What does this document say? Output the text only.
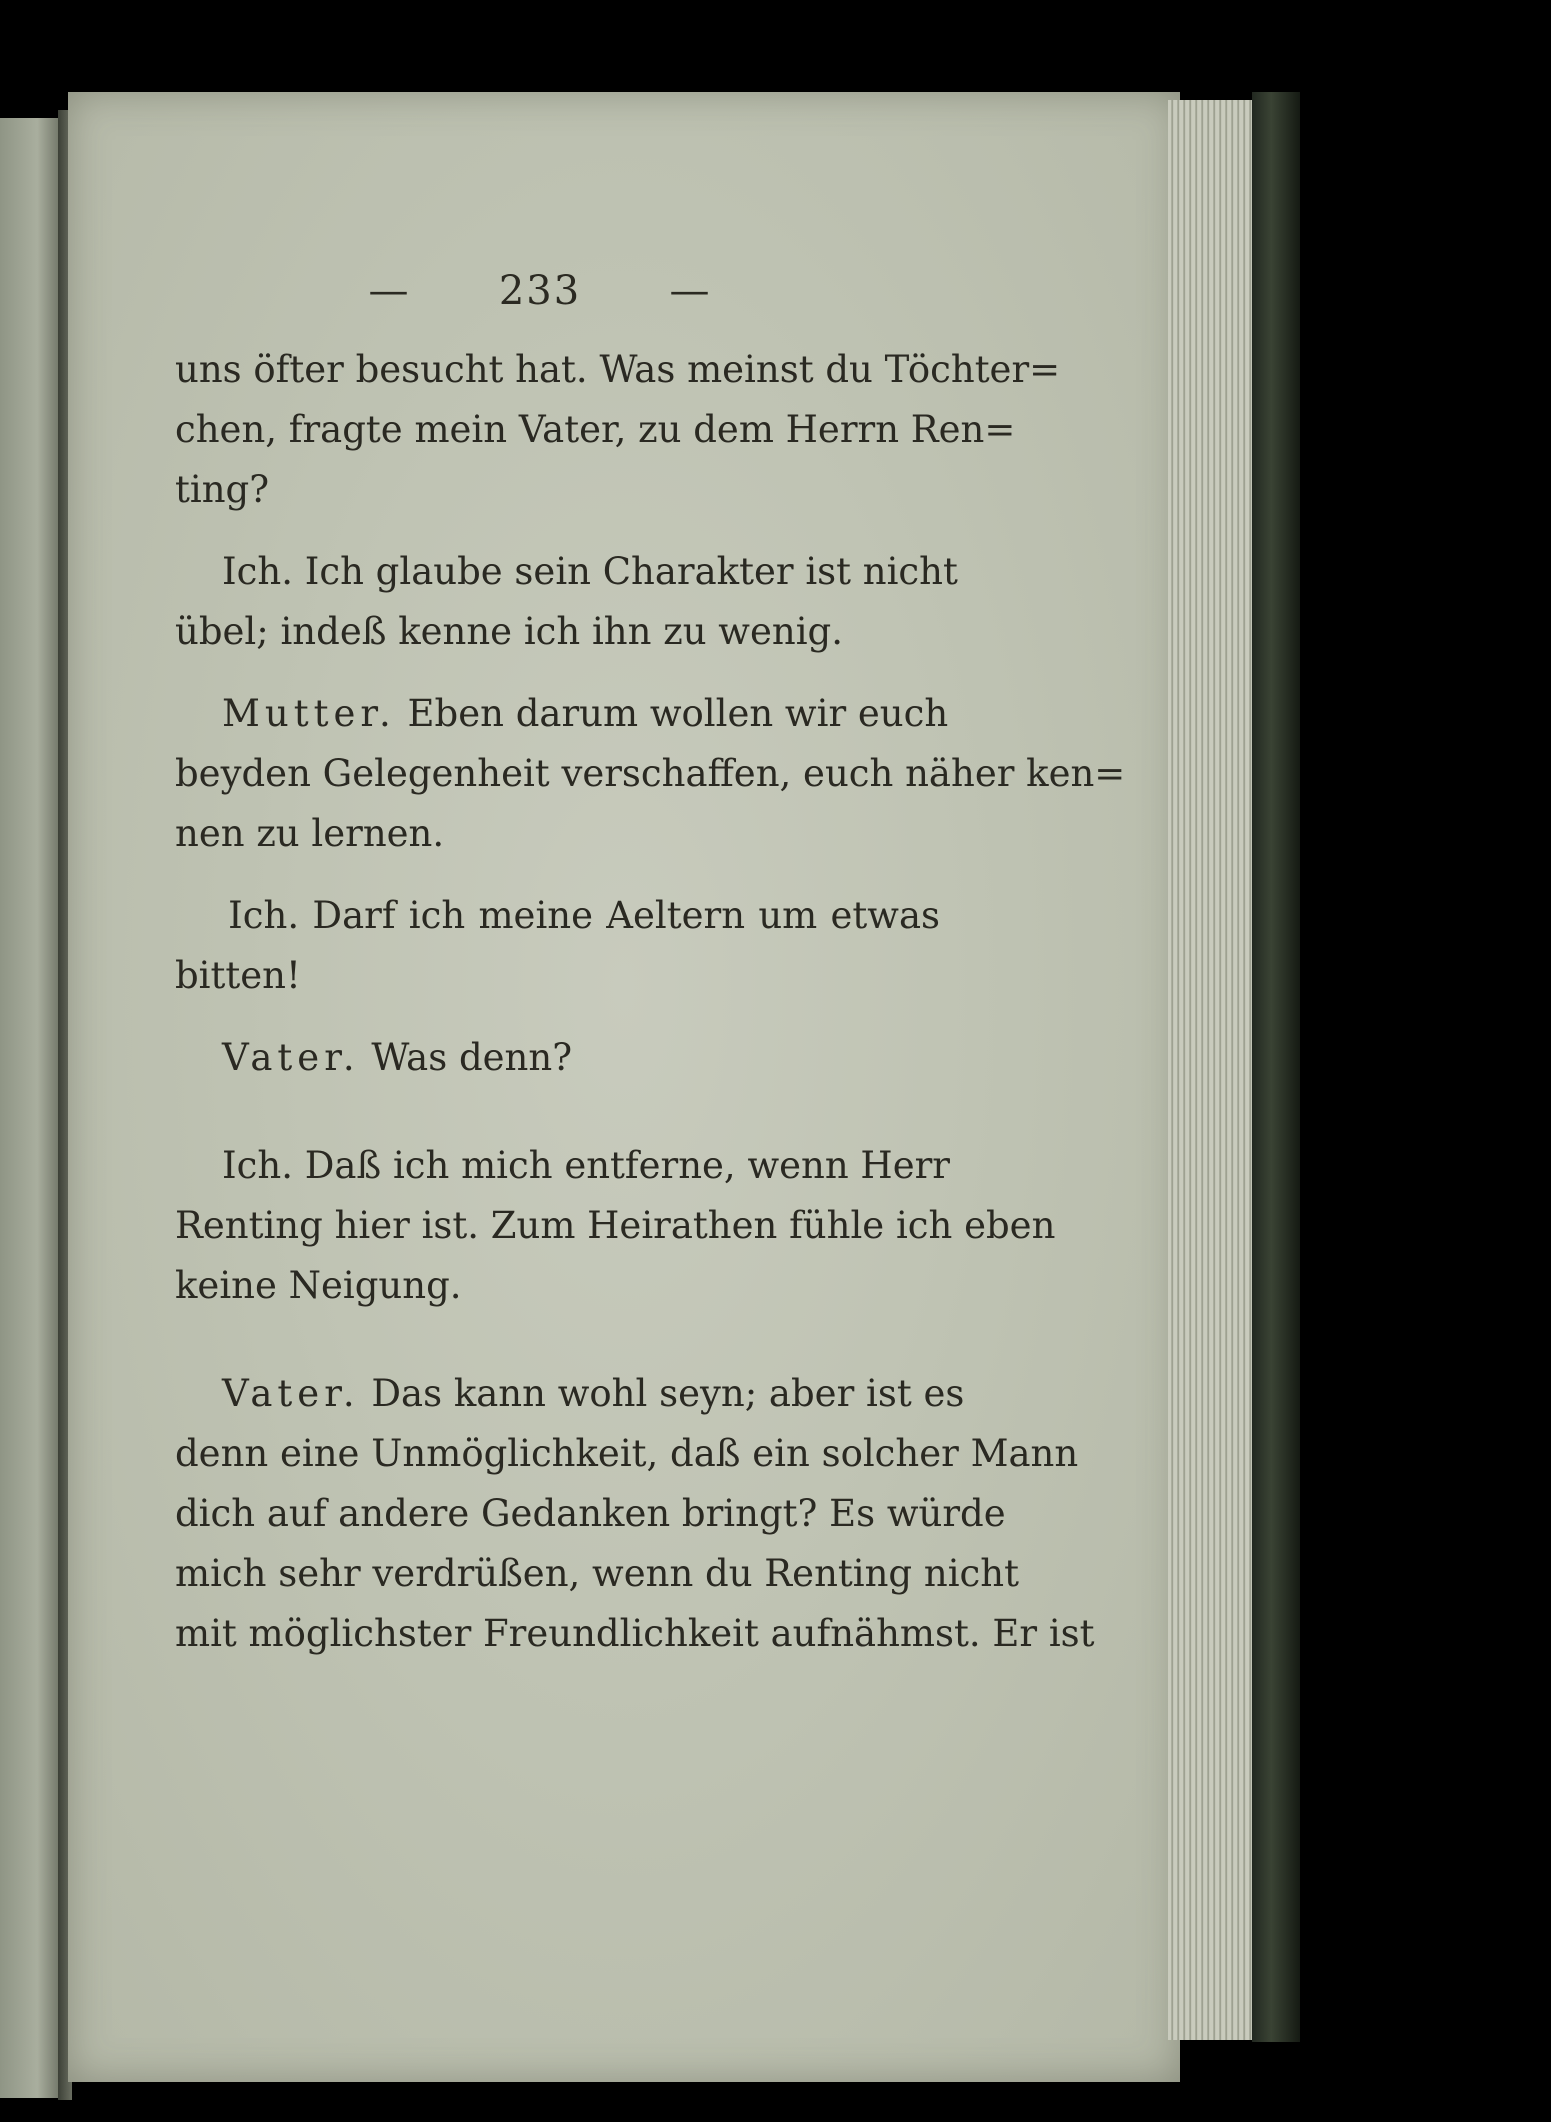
— 233 —
uns öfter besucht hat. Was meinst du Töchter=
chen, fragte mein Vater, zu dem Herrn Ren=
ting?
Ich. Ich glaube sein Charakter ist nicht
übel; indeß kenne ich ihn zu wenig.
Mutter. Eben darum wollen wir euch
beyden Gelegenheit verschaffen, euch näher ken=
nen zu lernen.
Ich. Darf ich meine Aeltern um etwas
bitten!
Vater. Was denn?
Ich. Daß ich mich entferne, wenn Herr
Renting hier ist. Zum Heirathen fühle ich eben
keine Neigung.
Vater. Das kann wohl seyn; aber ist es
denn eine Unmöglichkeit, daß ein solcher Mann
dich auf andere Gedanken bringt? Es würde
mich sehr verdrüßen, wenn du Renting nicht
mit möglichster Freundlichkeit aufnähmst. Er ist
